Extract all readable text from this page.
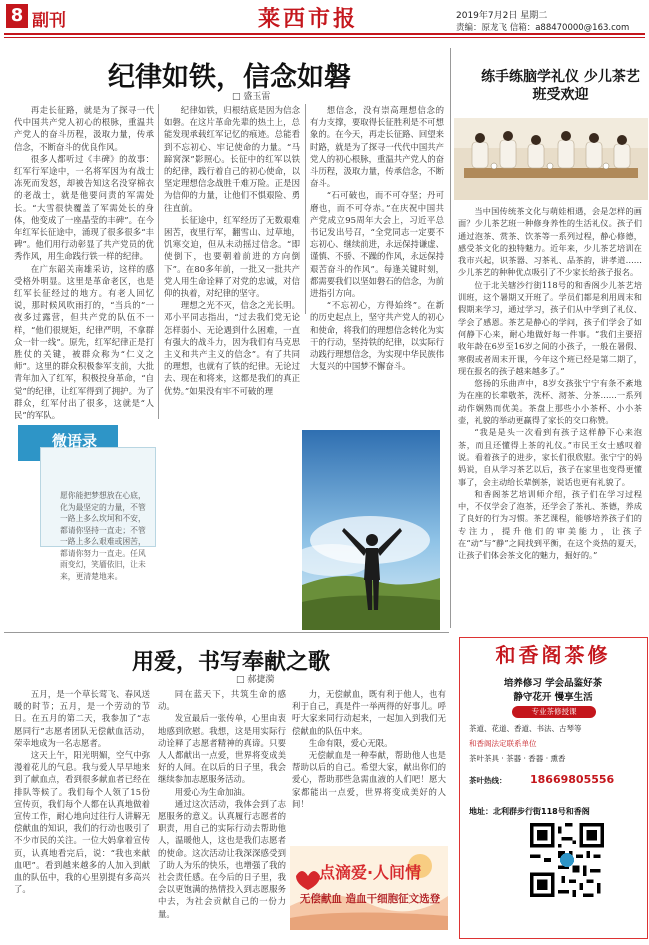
8 副刊	莱西市报	2019年7月2日 星期二
责编：原龙飞 信箱：a88470000@163.com
纪律如铁，信念如磐
□ 盛玉雷

再走长征路，就是为了探寻一代代中国共产党人初心的根脉，重温共产党人的奋斗历程，汲取力量，传承信念，不断奋斗的优良作风。

很多人都听过《丰碑》的故事：红军行军途中，一名将军因为有战士冻死而发怒，却被告知这名没穿棉衣的老战士，就是他要问责的军需处长。“大雪很快覆盖了军需处长的身体，他变成了一座晶莹的丰碑”。在今年红军长征途中，涌现了很多很多“丰碑”。他们用行动彰显了共产党员的优秀作风，用生命践行铁一样的纪律。

在广东韶关南雄采访，这样的感受格外明显。这里是革命老区，也是红军长征经过的地方。有老人回忆说，那时候风吹雨打的，“当兵的”一夜多过露营，但共产党的队伍不一样，“他们很规矩，纪律严明，不拿群众一针一线”。原先，红军纪律正是打胜仗的关键，被群众称为“仁义之师”。这里的群众积极参军支前，大批青年加入了红军，积极投身革命，“自觉”的纪律，让红军得到了拥护。为了群众，红军付出了很多，这就是“人民”的军队。

纪律如铁，归根结底是因为信念如磐。在这片革命先辈的热土上，总能发现承载红军记忆的痕迹。总能看到不忘初心、牢记使命的力量。“马蹄窝深”影照心。长征中的红军以铁的纪律，践行着自己的初心使命，以坚定理想信念战胜千难万险。正是因为信仰的力量，让他们不惧艰险、勇往直前。

长征途中，红军经历了无数艰难困苦，夜里行军，翻雪山、过草地，饥寒交迫，但从未动摇过信念。“即使倒下，也要朝着前进的方向倒下”。在80多年前，一批又一批共产党人用生命诠释了对党的忠诚，对信仰的执着，对纪律的坚守。

理想之光不灭，信念之光长明。邓小平同志指出，“过去我们党无论怎样弱小、无论遇到什么困难，一直有强大的战斗力，因为我们有马克思主义和共产主义的信念”。有了共同的理想，也就有了铁的纪律。无论过去、现在和将来，这都是我们的真正优势。”如果没有牢不可破的理

想信念，没有崇高理想信念的有力支撑，要取得长征胜利是不可想象的。在今天，再走长征路、回望来时路，就是为了探寻一代代中国共产党人的初心根脉，重温共产党人的奋斗历程，汲取力量，传承信念，不断奋斗。

“石可破也，而不可夺坚；丹可磨也，而不可夺赤。”在庆祝中国共产党成立95周年大会上，习近平总书记发出号召，“全党同志一定要不忘初心、继续前进，永远保持谦虚、谨慎、不骄、不躁的作风，永远保持艰苦奋斗的作风”。每逢关键时刻，都需要我们以坚如磐石的信念，为前进指引方向。

“不忘初心，方得始终”。在新的历史起点上，坚守共产党人的初心和使命，将我们的理想信念转化为实干的行动，坚持铁的纪律，以实际行动践行理想信念，为实现中华民族伟大复兴的中国梦不懈奋斗。

微语录
愿你能把梦想放在心底，化为最坚定的力量，不管一路上多么坎坷和不安，都请你坚持一直走；不管一路上多么艰难或困苦，都请你努力一直走。任风雨变幻，笑靥依旧，让未来，更清楚地来。
练手练脑学礼仪 少儿茶艺班受欢迎

当中国传统茶文化与萌娃相遇，会是怎样的画面？少儿茶艺班一种修身养性的生活礼仪。孩子们通过泡茶、赏茶、饮茶等一系列过程，静心修德，感受茶文化的独特魅力。近年来，少儿茶艺培训在我市兴起，识茶器、习茶礼、品茶韵，讲孝道……少儿茶艺的种种优点吸引了不少家长给孩子报名。

位于北关辖沙行街118号的和香阁少儿茶艺培训班，这个暑期又开班了。学员们都是利用周末和假期来学习，通过学习，孩子们从中学到了礼仪、学会了感恩。茶艺是静心的学问，孩子们学会了如何静下心来，耐心地做好每一件事。“我们主要招收年龄在6岁至16岁之间的小孩子，一般在暑假、寒假或者周末开课，今年这个班已经是第二期了，现在报名的孩子越来越多了。”

悠扬的乐曲声中，8岁女孩张宁宁有条不紊地为在座的长辈敬茶，洗杯、沏茶、分茶……一系列动作娴熟而优美。茶盘上那些小小茶杯、小小茶壶，礼貌的举动更赢得了家长的交口称赞。

“我是是头一次看到有孩子这样静下心来泡茶，而且还懂得上茶的礼仪。”市民王女士感叹着说。看着孩子的进步，家长们很欣慰。张宁宁的妈妈说，自从学习茶艺以后，孩子在家里也变得更懂事了，会主动给长辈倒茶，说话也更有礼貌了。

和香阁茶艺培训师介绍，孩子们在学习过程中，不仅学会了泡茶，还学会了茶礼、茶德，养成了良好的行为习惯。茶艺课程，能够培养孩子们的专注力，提升他们的审美能力，让孩子在“动”与“静”之间找到平衡，在这个炎热的夏天，让孩子们体会茶文化的魅力，掘好的。”

用爱，书写奉献之歌
□ 郝捷漪

五月，是一个草长莺飞、春风送暖的时节；五月，是一个劳动的节日。在五月的第二天，我参加了“志愿同行”志愿者团队无偿献血活动，荣幸地成为一名志愿者。

这天上午，阳光明媚，空气中弥漫着花儿的气息。我与爱人早早地来到了献血点，看到很多献血者已经在排队等候了。我们每个人领了15份宣传页，我们每个人都在认真地做着宣传工作，耐心地向过往行人讲解无偿献血的知识，我们的行动也吸引了不少市民的关注。一位大妈拿着宣传页，认真地看完后，说：“我也来献血吧”。看到越来越多的人加入到献血的队伍中，我的心里别提有多高兴了。

同在蓝天下，共筑生命的感动。

发宣最后一张传单，心里由衷地感到欣慰。我想，这是用实际行动诠释了志愿者精神的真谛。只要人人都献出一点爱，世界将变成美好的人间。在以后的日子里，我会继续参加志愿服务活动。

用爱心为生命加油。

通过这次活动，我体会到了志愿服务的意义。认真履行志愿者的职责，用自己的实际行动去帮助他人，温暖他人，这也是我们志愿者的使命。这次活动让我深深感受到了助人为乐的快乐，也增强了我的社会责任感。在今后的日子里，我会以更饱满的热情投入到志愿服务中去，为社会贡献自己的一份力量。

力，无偿献血，既有利于他人，也有利于自己，真是件一举两得的好事儿。呼吁大家来同行动起来，一起加入到我们无偿献血的队伍中来。

生命有限，爱心无限。

无偿献血是一种奉献，帮助他人也是帮助以后的自己。希望大家，献出你们的爱心，帮助那些急需血液的人们吧！愿大家都能出一点爱，世界将变成美好的人间！

点滴爱·人间情
无偿献血 造血干细胞征文选登
和香阁茶修
培养修习 学会品鉴好茶
静守花开 慢享生活
专业茶修授课
茶道、花道、香道、书法、古琴等
和香阁法定联系单位
茶叶茶具 · 茶器 · 香器 · 熏香
茶叶热线： 18669805556
地址：北利群步行街118号和香阁
